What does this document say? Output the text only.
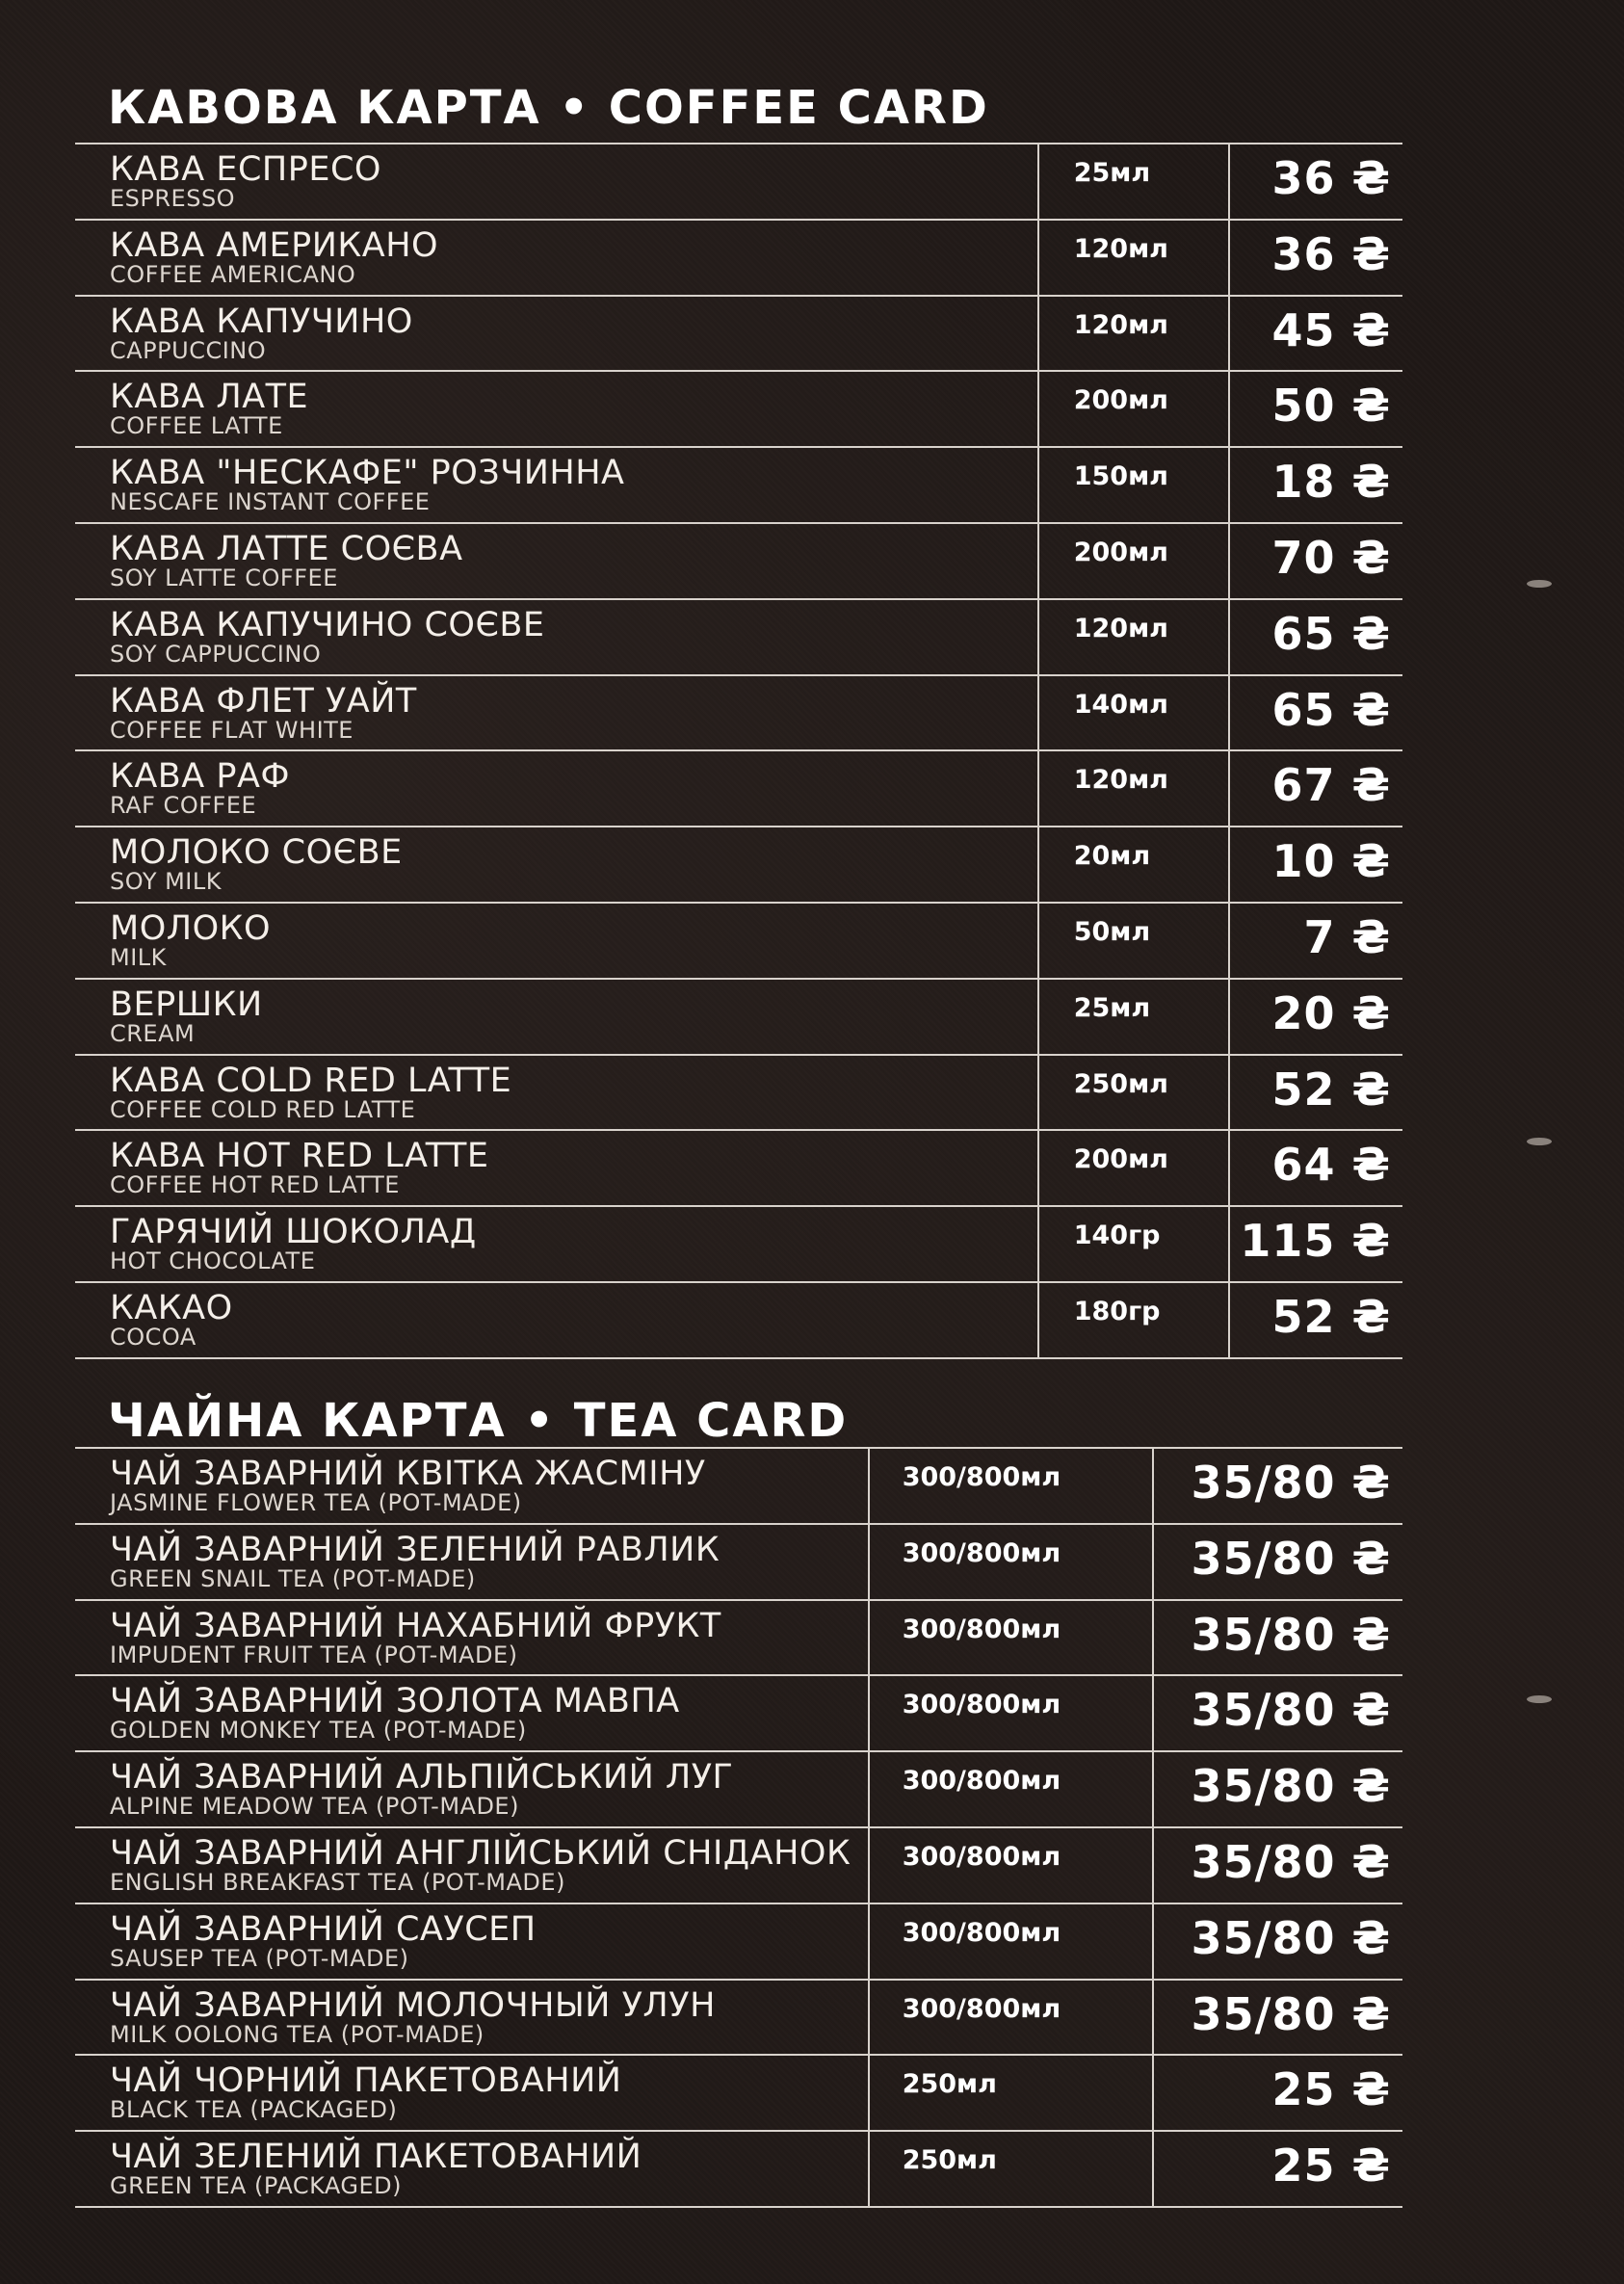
КАВОВА КАРТА • COFFEE CARD
КАВА ЕСПРЕСО
ESPRESSO	25мл	36 ₴

КАВА АМЕРИКАНО
COFFEE AMERICANO	120мл	36 ₴

КАВА КАПУЧИНО
CAPPUCCINO	120мл	45 ₴

КАВА ЛАТЕ
COFFEE LATTE	200мл	50 ₴

КАВА "НЕСКАФЕ" РОЗЧИННА
NESCAFE INSTANT COFFEE	150мл	18 ₴

КАВА ЛАТТЕ СОЄВА
SOY LATTE COFFEE	200мл	70 ₴

КАВА КАПУЧИНО СОЄВЕ
SOY CAPPUCCINO	120мл	65 ₴

КАВА ФЛЕТ УАЙТ
COFFEE FLAT WHITE	140мл	65 ₴

КАВА РАФ
RAF COFFEE	120мл	67 ₴

МОЛОКО СОЄВЕ
SOY MILK	20мл	10 ₴

МОЛОКО
MILK	50мл	7 ₴

ВЕРШКИ
CREAM	25мл	20 ₴

КАВА COLD RED LATTE
COFFEE COLD RED LATTE	250мл	52 ₴

КАВА HOT RED LATTE
COFFEE HOT RED LATTE	200мл	64 ₴

ГАРЯЧИЙ ШОКОЛАД
HOT CHOCOLATE	140гр	115 ₴

КАКАО
COCOA	180гр	52 ₴
ЧАЙНА КАРТА • TEA CARD
ЧАЙ ЗАВАРНИЙ КВІТКА ЖАСМІНУ
JASMINE FLOWER TEA (POT-MADE)	300/800мл	35/80 ₴

ЧАЙ ЗАВАРНИЙ ЗЕЛЕНИЙ РАВЛИК
GREEN SNAIL TEA (POT-MADE)	300/800мл	35/80 ₴

ЧАЙ ЗАВАРНИЙ НАХАБНИЙ ФРУКТ
IMPUDENT FRUIT TEA (POT-MADE)	300/800мл	35/80 ₴

ЧАЙ ЗАВАРНИЙ ЗОЛОТА МАВПА
GOLDEN MONKEY TEA (POT-MADE)	300/800мл	35/80 ₴

ЧАЙ ЗАВАРНИЙ АЛЬПІЙСЬКИЙ ЛУГ
ALPINE MEADOW TEA (POT-MADE)	300/800мл	35/80 ₴

ЧАЙ ЗАВАРНИЙ АНГЛІЙСЬКИЙ СНІДАНОК
ENGLISH BREAKFAST TEA (POT-MADE)	300/800мл	35/80 ₴

ЧАЙ ЗАВАРНИЙ САУСЕП
SAUSEP TEA (POT-MADE)	300/800мл	35/80 ₴

ЧАЙ ЗАВАРНИЙ МОЛОЧНЫЙ УЛУН
MILK OOLONG TEA (POT-MADE)	300/800мл	35/80 ₴

ЧАЙ ЧОРНИЙ ПАКЕТОВАНИЙ
BLACK TEA (PACKAGED)	250мл	25 ₴

ЧАЙ ЗЕЛЕНИЙ ПАКЕТОВАНИЙ
GREEN TEA (PACKAGED)	250мл	25 ₴
